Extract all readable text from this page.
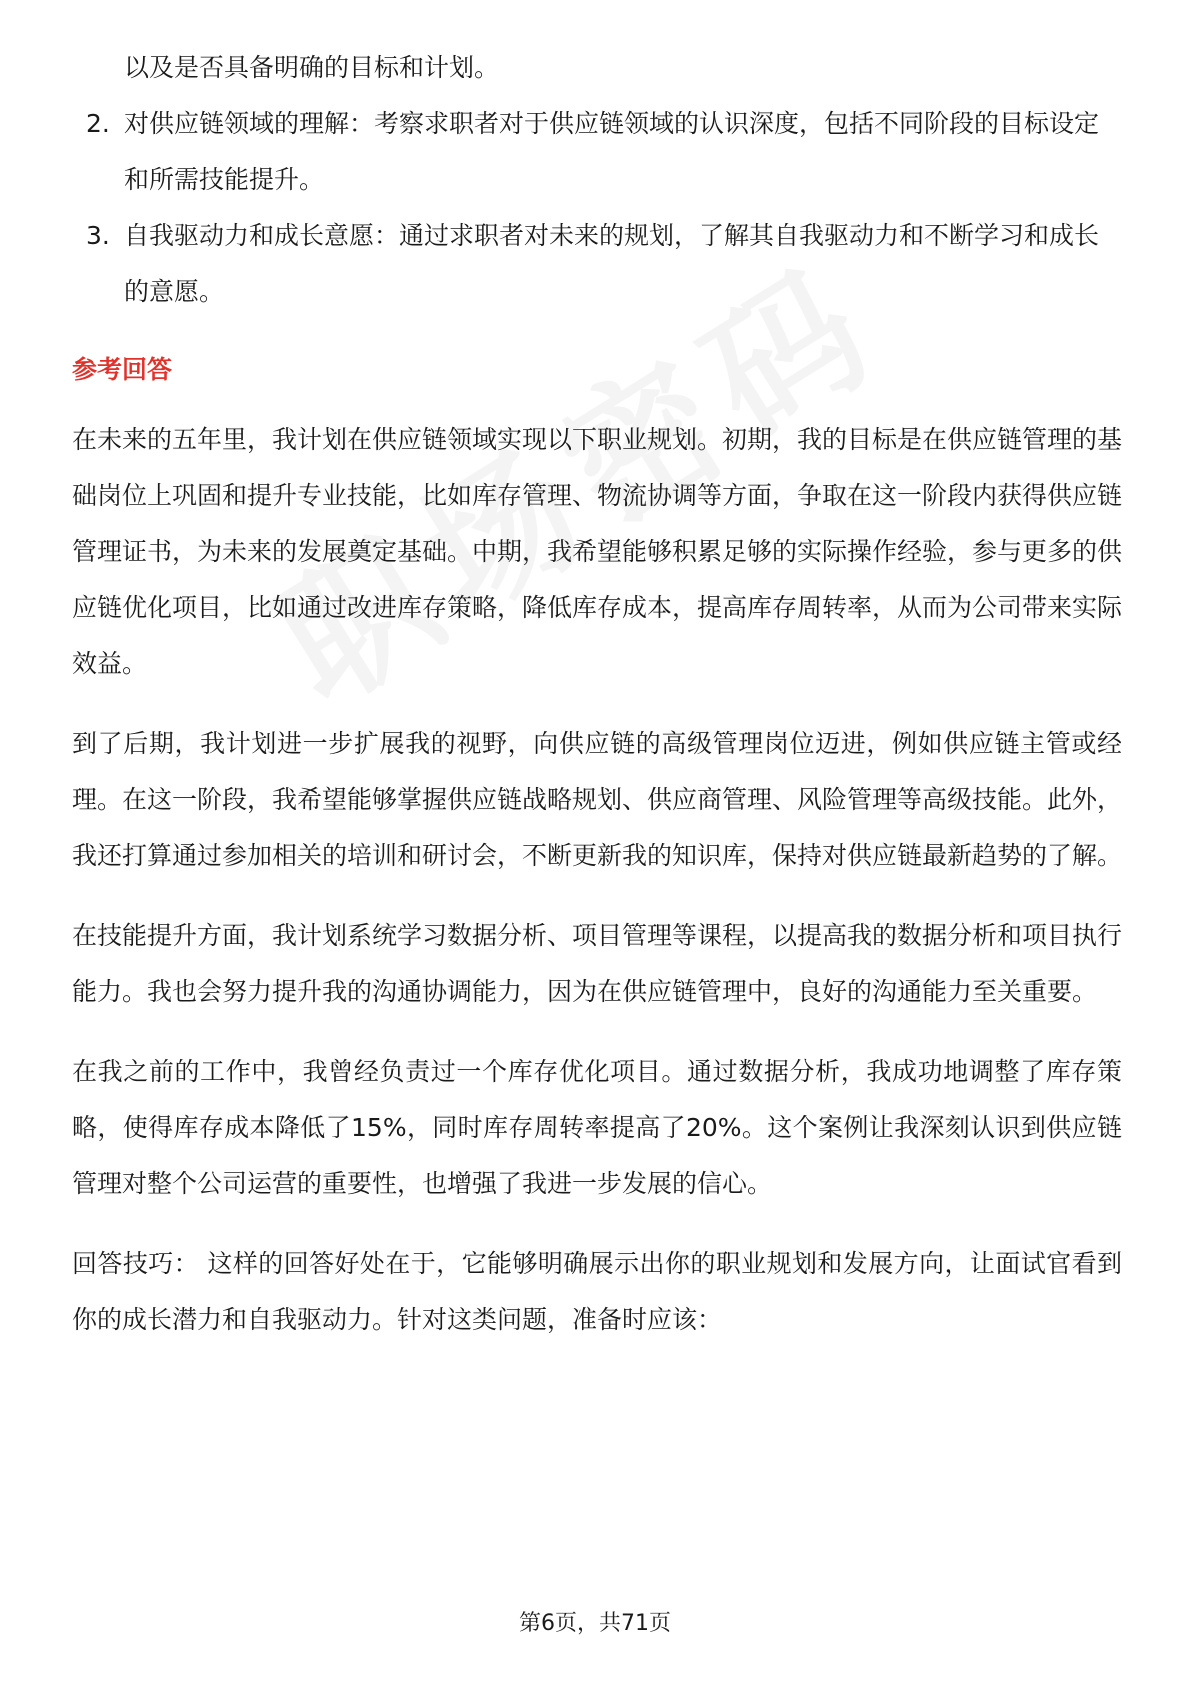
以及是否具备明确的目标和计划。

2. 对供应链领域的理解：考察求职者对于供应链领域的认识深度，包括不同阶段的目标设定和所需技能提升。
3. 自我驱动力和成长意愿：通过求职者对未来的规划，了解其自我驱动力和不断学习和成长的意愿。
参考回答

在未来的五年里，我计划在供应链领域实现以下职业规划。初期，我的目标是在供应链管理的基础岗位上巩固和提升专业技能，比如库存管理、物流协调等方面，争取在这一阶段内获得供应链管理证书，为未来的发展奠定基础。中期，我希望能够积累足够的实际操作经验，参与更多的供应链优化项目，比如通过改进库存策略，降低库存成本，提高库存周转率，从而为公司带来实际效益。

到了后期，我计划进一步扩展我的视野，向供应链的高级管理岗位迈进，例如供应链主管或经理。在这一阶段，我希望能够掌握供应链战略规划、供应商管理、风险管理等高级技能。此外，我还打算通过参加相关的培训和研讨会，不断更新我的知识库，保持对供应链最新趋势的了解。

在技能提升方面，我计划系统学习数据分析、项目管理等课程，以提高我的数据分析和项目执行能力。我也会努力提升我的沟通协调能力，因为在供应链管理中，良好的沟通能力至关重要。

在我之前的工作中，我曾经负责过一个库存优化项目。通过数据分析，我成功地调整了库存策略，使得库存成本降低了15%，同时库存周转率提高了20%。这个案例让我深刻认识到供应链管理对整个公司运营的重要性，也增强了我进一步发展的信心。

回答技巧： 这样的回答好处在于，它能够明确展示出你的职业规划和发展方向，让面试官看到你的成长潜力和自我驱动力。针对这类问题，准备时应该：

第6页，共71页
